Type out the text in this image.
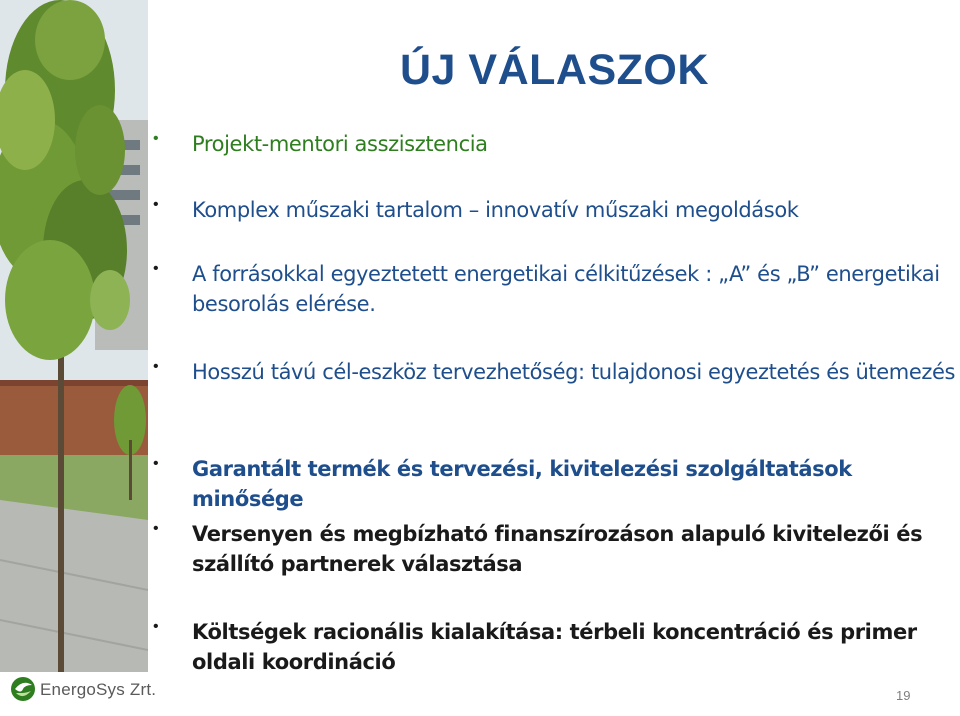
EnergoSys Zrt.
ÚJ VÁLASZOK
• Projekt-mentori asszisztencia
• Komplex műszaki tartalom – innovatív műszaki megoldások
• A forrásokkal egyeztetett energetikai célkitűzések : „A” és „B” energetikai besorolás elérése.
• Hosszú távú cél-eszköz tervezhetőség: tulajdonosi egyeztetés és ütemezés
• Garantált termék és tervezési, kivitelezési szolgáltatások minősége
• Versenyen és megbízható finanszírozáson alapuló kivitelezői és szállító partnerek választása
• Költségek racionális kialakítása: térbeli koncentráció és primer oldali koordináció
19
